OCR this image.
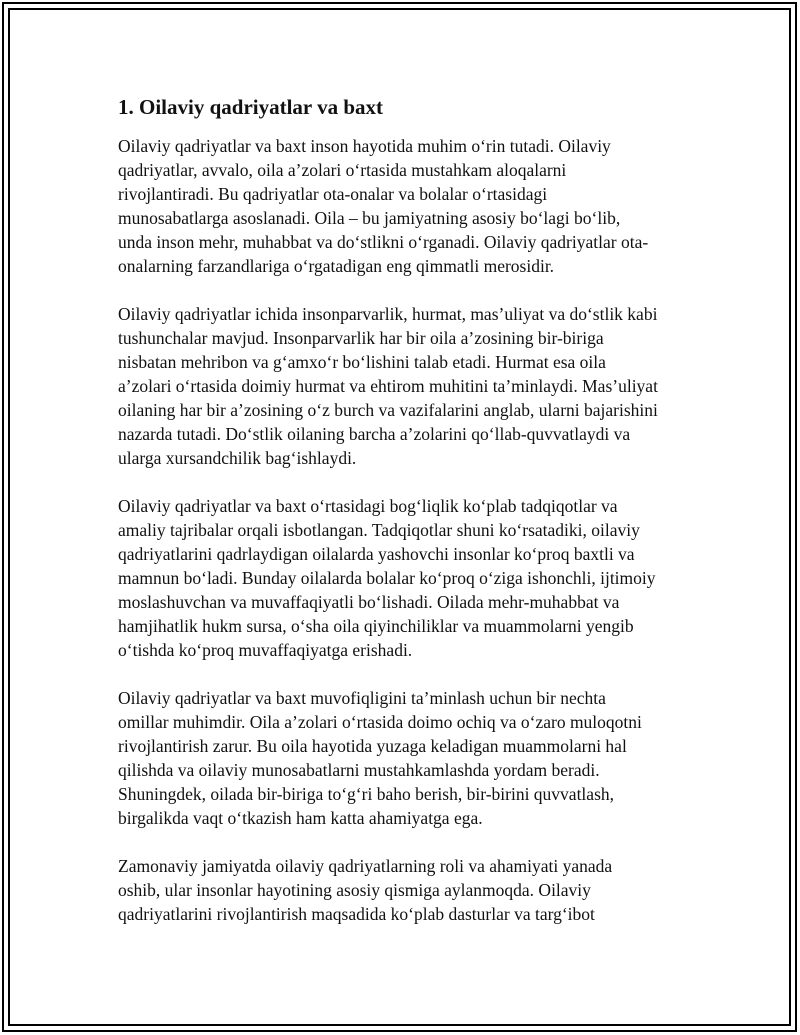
1. Oilaviy qadriyatlar va baxt

Oilaviy qadriyatlar va baxt inson hayotida muhim o‘rin tutadi. Oilaviy
qadriyatlar, avvalo, oila a’zolari o‘rtasida mustahkam aloqalarni
rivojlantiradi. Bu qadriyatlar ota-onalar va bolalar o‘rtasidagi
munosabatlarga asoslanadi. Oila – bu jamiyatning asosiy bo‘lagi bo‘lib,
unda inson mehr, muhabbat va do‘stlikni o‘rganadi. Oilaviy qadriyatlar ota-
onalarning farzandlariga o‘rgatadigan eng qimmatli merosidir.

Oilaviy qadriyatlar ichida insonparvarlik, hurmat, mas’uliyat va do‘stlik kabi
tushunchalar mavjud. Insonparvarlik har bir oila a’zosining bir-biriga
nisbatan mehribon va g‘amxo‘r bo‘lishini talab etadi. Hurmat esa oila
a’zolari o‘rtasida doimiy hurmat va ehtirom muhitini ta’minlaydi. Mas’uliyat
oilaning har bir a’zosining o‘z burch va vazifalarini anglab, ularni bajarishini
nazarda tutadi. Do‘stlik oilaning barcha a’zolarini qo‘llab-quvvatlaydi va
ularga xursandchilik bag‘ishlaydi.

Oilaviy qadriyatlar va baxt o‘rtasidagi bog‘liqlik ko‘plab tadqiqotlar va
amaliy tajribalar orqali isbotlangan. Tadqiqotlar shuni ko‘rsatadiki, oilaviy
qadriyatlarini qadrlaydigan oilalarda yashovchi insonlar ko‘proq baxtli va
mamnun bo‘ladi. Bunday oilalarda bolalar ko‘proq o‘ziga ishonchli, ijtimoiy
moslashuvchan va muvaffaqiyatli bo‘lishadi. Oilada mehr-muhabbat va
hamjihatlik hukm sursa, o‘sha oila qiyinchiliklar va muammolarni yengib
o‘tishda ko‘proq muvaffaqiyatga erishadi.

Oilaviy qadriyatlar va baxt muvofiqligini ta’minlash uchun bir nechta
omillar muhimdir. Oila a’zolari o‘rtasida doimo ochiq va o‘zaro muloqotni
rivojlantirish zarur. Bu oila hayotida yuzaga keladigan muammolarni hal
qilishda va oilaviy munosabatlarni mustahkamlashda yordam beradi.
Shuningdek, oilada bir-biriga to‘g‘ri baho berish, bir-birini quvvatlash,
birgalikda vaqt o‘tkazish ham katta ahamiyatga ega.

Zamonaviy jamiyatda oilaviy qadriyatlarning roli va ahamiyati yanada
oshib, ular insonlar hayotining asosiy qismiga aylanmoqda. Oilaviy
qadriyatlarini rivojlantirish maqsadida ko‘plab dasturlar va targ‘ibot
